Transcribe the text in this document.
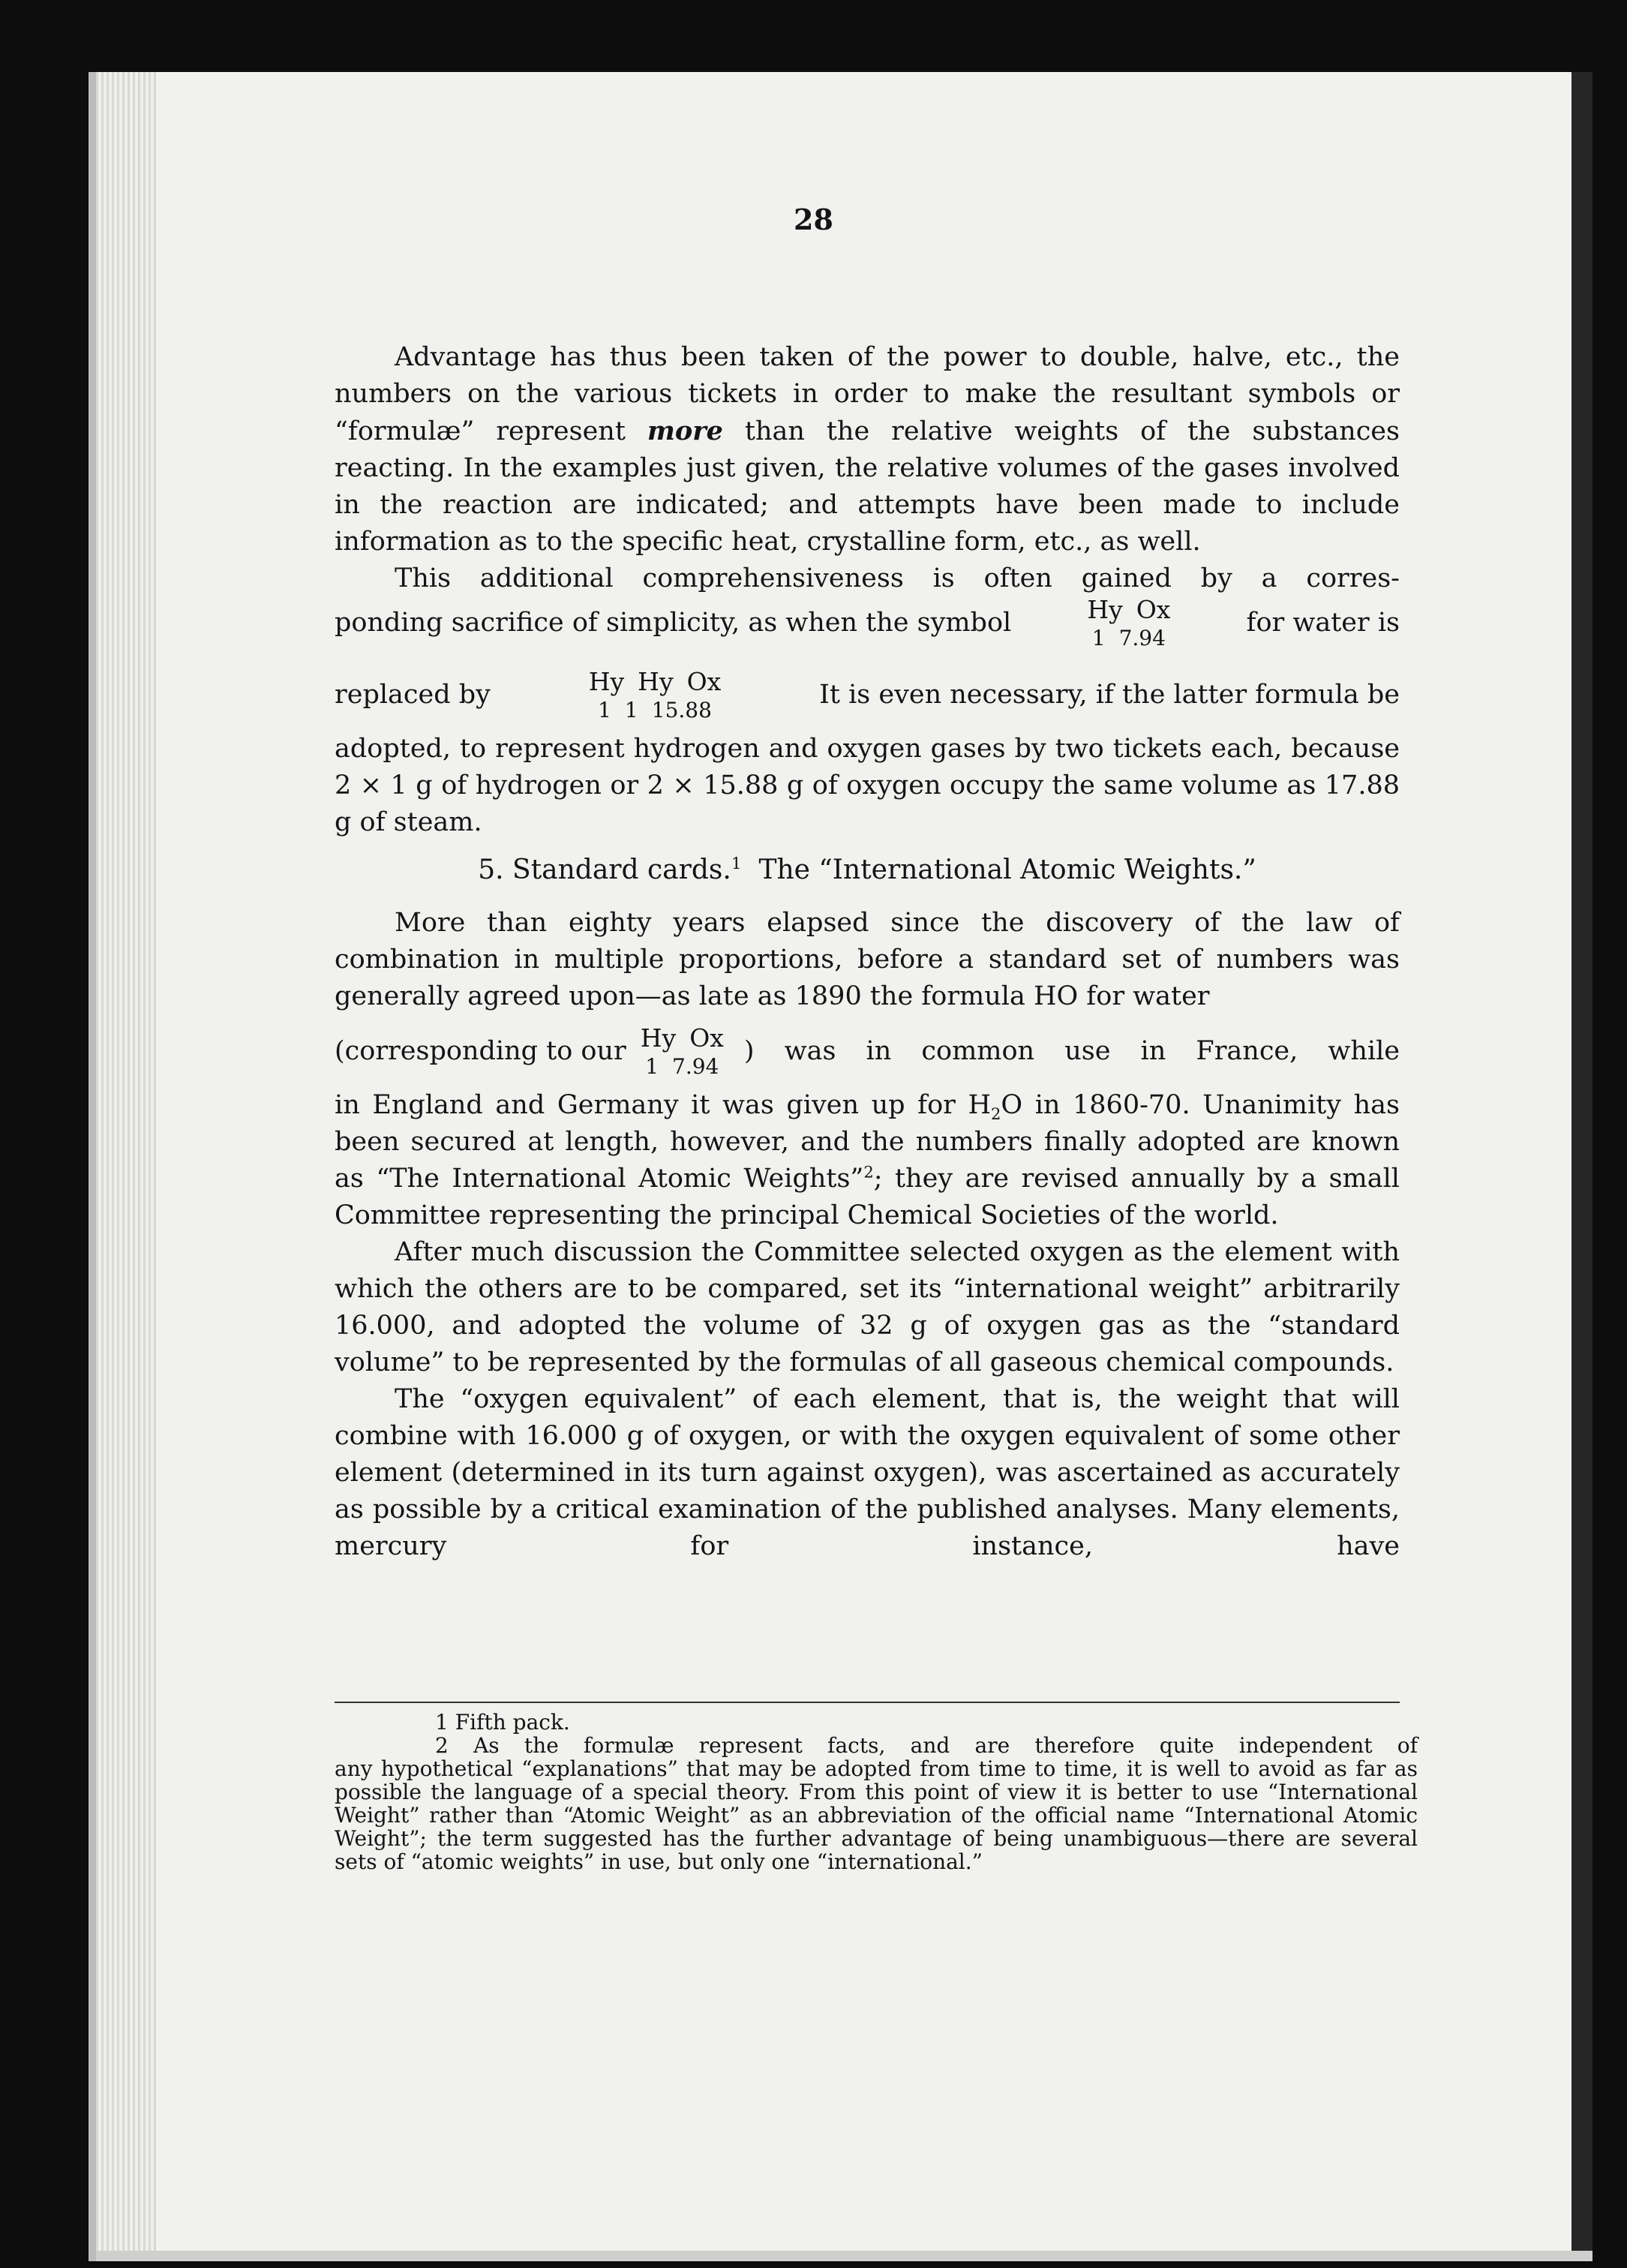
28

Advantage has thus been taken of the power to double, halve, etc., the numbers on the various tickets in order to make the resultant symbols or “formulæ” represent more than the relative weights of the substances reacting. In the examples just given, the relative volumes of the gases involved in the reaction are indicated; and attempts have been made to include information as to the specific heat, crystalline form, etc., as well.

This additional comprehensiveness is often gained by a corres-

ponding sacrifice of simplicity, as when the symbol	Hy Ox
1 7.94	for water is
replaced by	Hy Hy Ox
1 1 15.88	It is even necessary, if the latter formula be

adopted, to represent hydrogen and oxygen gases by two tickets each, because 2 × 1 g of hydrogen or 2 × 15.88 g of oxygen occupy the same volume as 17.88 g of steam.

5. Standard cards.$^1$ The “International Atomic Weights.”

More than eighty years elapsed since the discovery of the law of combination in multiple proportions, before a standard set of numbers was generally agreed upon—as late as 1890 the formula HO for water

(corresponding to our Hy Ox
1 7.94 ) was in common use in France, while

in England and Germany it was given up for $H_2O$ in 1860-70. Unanimity has been secured at length, however, and the numbers finally adopted are known as “The International Atomic Weights”$^2$; they are revised annually by a small Committee representing the principal Chemical Societies of the world.

After much discussion the Committee selected oxygen as the element with which the others are to be compared, set its “international weight” arbitrarily 16.000, and adopted the volume of 32 g of oxygen gas as the “standard volume” to be represented by the formulas of all gaseous chemical compounds.

The “oxygen equivalent” of each element, that is, the weight that will combine with 16.000 g of oxygen, or with the oxygen equivalent of some other element (determined in its turn against oxygen), was ascertained as accurately as possible by a critical examination of the published analyses. Many elements, mercury for instance, have

1 Fifth pack.
2 As the formulæ represent facts, and are therefore quite independent of
any hypothetical “explanations” that may be adopted from time to time, it is well to avoid as far as possible the language of a special theory. From this point of view it is better to use “International Weight” rather than “Atomic Weight” as an abbreviation of the official name “International Atomic Weight”; the term suggested has the further advantage of being unambiguous—there are several sets of “atomic weights” in use, but only one “international.”
